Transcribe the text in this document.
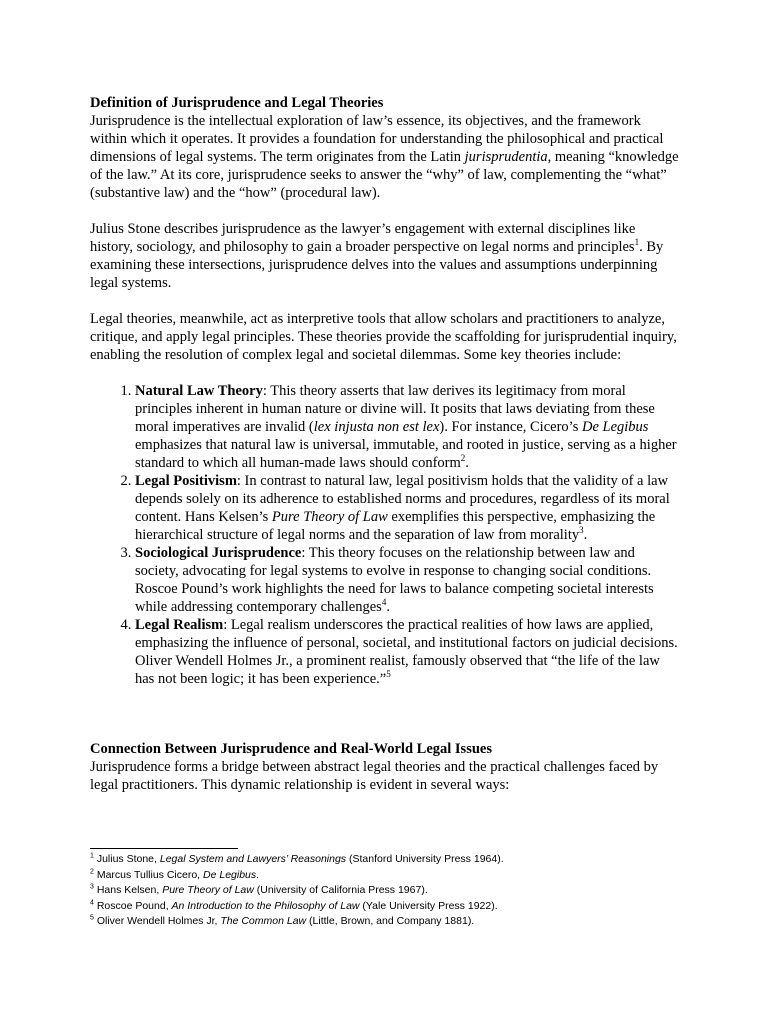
Definition of Jurisprudence and Legal Theories

Jurisprudence is the intellectual exploration of law’s essence, its objectives, and the framework within which it operates. It provides a foundation for understanding the philosophical and practical dimensions of legal systems. The term originates from the Latin jurisprudentia, meaning “knowledge of the law.” At its core, jurisprudence seeks to answer the “why” of law, complementing the “what” (substantive law) and the “how” (procedural law).

Julius Stone describes jurisprudence as the lawyer’s engagement with external disciplines like history, sociology, and philosophy to gain a broader perspective on legal norms and principles$^1$. By examining these intersections, jurisprudence delves into the values and assumptions underpinning legal systems.

Legal theories, meanwhile, act as interpretive tools that allow scholars and practitioners to analyze, critique, and apply legal principles. These theories provide the scaffolding for jurisprudential inquiry, enabling the resolution of complex legal and societal dilemmas. Some key theories include:

1. Natural Law Theory: This theory asserts that law derives its legitimacy from moral principles inherent in human nature or divine will. It posits that laws deviating from these moral imperatives are invalid (lex injusta non est lex). For instance, Cicero’s De Legibus emphasizes that natural law is universal, immutable, and rooted in justice, serving as a higher standard to which all human-made laws should conform$^2$.
2. Legal Positivism: In contrast to natural law, legal positivism holds that the validity of a law depends solely on its adherence to established norms and procedures, regardless of its moral content. Hans Kelsen’s Pure Theory of Law exemplifies this perspective, emphasizing the hierarchical structure of legal norms and the separation of law from morality$^3$.
3. Sociological Jurisprudence: This theory focuses on the relationship between law and society, advocating for legal systems to evolve in response to changing social conditions. Roscoe Pound’s work highlights the need for laws to balance competing societal interests while addressing contemporary challenges$^4$.
4. Legal Realism: Legal realism underscores the practical realities of how laws are applied, emphasizing the influence of personal, societal, and institutional factors on judicial decisions. Oliver Wendell Holmes Jr., a prominent realist, famously observed that “the life of the law has not been logic; it has been experience.”$^5$
Connection Between Jurisprudence and Real-World Legal Issues

Jurisprudence forms a bridge between abstract legal theories and the practical challenges faced by legal practitioners. This dynamic relationship is evident in several ways:

$^1$ Julius Stone, Legal System and Lawyers’ Reasonings (Stanford University Press 1964).
$^2$ Marcus Tullius Cicero, De Legibus.
$^3$ Hans Kelsen, Pure Theory of Law (University of California Press 1967).
$^4$ Roscoe Pound, An Introduction to the Philosophy of Law (Yale University Press 1922).
$^5$ Oliver Wendell Holmes Jr, The Common Law (Little, Brown, and Company 1881).
